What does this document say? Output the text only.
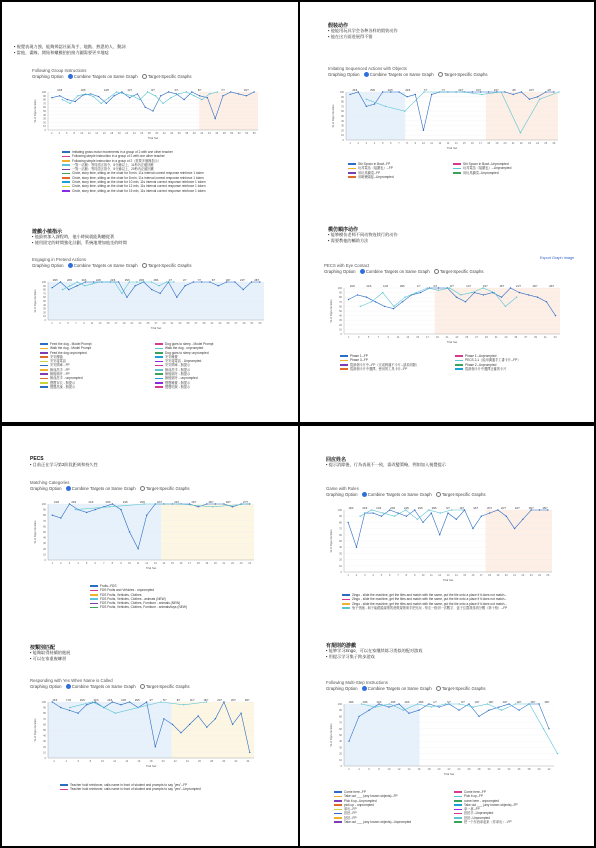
▪ 視覺表現力強，能夠辨認社區角手、地點、熟悉的人、動詞
▪ 當他、畫線，開始和蠟模拍拍接力圖需要更多地唸
Following Group Instructions
Graphing Option Combine Targets on Same Graph Target-Specific Graphs
0
10
20
30
40
50
60
70
80
90
100
2 4 6 8 10 12 14 16 18 20 22 24 26 28 30 32 34 36 38 40 42 44 46 48 50 52 54 56
Trial Set
% of Opportunities
16/8	14/8	13/8	11/7	8/7	6/7	8/7	7/7	16/7
Imitating gross motor movements in a group of 2 with one other teacher
Following simple instruction in a group of 2 with one other teacher
Following simple instruction in a group of 2（需要多個操指示）
一對一活動：等待語言指令，5分鐘以上，11秒內正確回應
一對一活動：等待語言指令，5分鐘以上，20秒內正確回應
Circle, story time, sitting on the chair for 5 min, 11s interval correct response reinforce 1 token
Circle, story time, sitting on the chair for 8 min, 11s interval correct response reinforce 1 token
Circle, story time, sitting on the chair for 10 min, 11s interval correct response reinforce 1 token
Circle, story time, sitting on the chair for 12 min, 11s interval correct response reinforce 1 token
Circle, story time, sitting on the chair for 15 min, 11s interval correct response reinforce 1 token
遊戲小植指示
▪ 他最初加入課程時，他小時候就能夠聽從著
▪ 使用固定的時間強化計劃，系統地增加他坐的時間
Engaging in Pretend Actions
Graphing Option Combine Targets on Same Graph Target-Specific Graphs
0
10
20
30
40
50
60
70
80
90
100
1	3	5	7	9 11 13 15 17 19 21 23 25 27 29 31 33 35 37 39 41 43 45 47 49 51 53
Trial Set
% of Opportunities
28/6	28/6	21/6	22/6	24/6	25/6	26/6	28/6	2/7	2/7	7/7	8/7	19/7	23/7	28/7
Feed the dog - Model Prompt	Dog goes to sleep - Model Prompt
Walk the dog - Model Prompt	Walk the dog - unprompted
Feed the dog unprompted	Dog goes to sleep unprompted
安安餵貓	安安睡覺
安安接電話	安安接電話 - Unprompted
安安開車 - FP	安安開車 - 無提示
飯前洗手 - FP	飯前洗手 - 無提示
飯後刷牙 - FP	飯後刷牙 - 無提示
飯前洗手 - unprompted	飯後刷牙 - unprompted
寶寶穿衣 - 無提示	寶寶睡覺 - 無提示
寶寶洗澡 - 無提示	寶寶吃飯 - 無提示
假装动作
▪ 他能用玩具学会各种各样的假装动作
▪ 他在这方面进展得不错
Imitating Sequenced Actions with Objects
Graphing Option Combine Targets on Same Graph Target-Specific Graphs
0
10
20
30
40
50
60
70
80
90
100
1	2	3	4	5	6	7	8	9 10 11 12 13 14 15 16 17 18 19 20 21 22 23 24 25 26
Trial Set
% of Opportunities
20/6	25/6	22/6	20/6	7/7	7/7	22/7	16/7	13/7	4/8	22/7	4/8
Stir Spoon in Bowl--FP	Stir Spoon in Bowl--Unprompted
玩具電話（接聽也）--FP	玩具電話（接聽也）--Unprompted
用玩具鍋菜--FP	用玩具鍋菜--Unprompted
用刷梳頭髮--Unprompted
模仿順序动作
▪ 能够模仿老师不同动物连续行的动作
▪ 需要教他的輔助方法
Export Graph Image
PECS with Eye Contact
Graphing Option Combine Targets on Same Graph Target-Specific Graphs
0
10
20
30
40
50
60
70
80
90
100
1	3	5	7	9	11	13	15	17	19	21	23	25	27	29	31	33	35	37	39	41	43
Trial Set
% of Opportunities
20/6	21/6	12/6	18/6	1/7	6/7	8/7	11/7	13/7	15/7	21/7	26/7	28/7
Phase 1--FP	Phase 1--Unprompted
Phase 3--FP	PECS 2-1（能用溝通手工書卡片--FP）
從兩個卡片中--FP（完成辨識不卡片--請求兩類）	Phase 2--Unprompted
從兩個卡片中選擇，使用的工具卡片--FP	從兩個卡片中選擇正確的卡片
PECS
▪ 目前正在学习第2阶段距离和持久性
Matching Categories
Graphing Option Combine Targets on Same Graph Target-Specific Graphs
0
10
20
30
40
50
60
70
80
90
100
1	2	3	4	5	6	7	8	9 10 11 12 13 14 15 16 17 18 19 20 21 22 23 24
Trial Set
% of Opportunities
19/6	20/6	21/6	23/6	24/6	26/6	18/7	22/7	23/7	26/7	28/7	27/7
Fruits--FDS
FDS Fruits and Vehicles - unprompted
FDS Fruits, Vehicles, Clothes
FDS Fruits, Vehicles, Clothes - animals (NEW)
FDS Fruits, Vehicles, Clothes, Furniture - animals (NEW)
FDS Fruits, Vehicles, Clothes, Furniture - animals/toys (NEW)
按類別匹配
▪ 能夠取得持續的進展
▪ 可以在家重複練習
Responding with Yes When Name is Called
Graphing Option Combine Targets on Same Graph Target-Specific Graphs
0
10
20
30
40
50
60
70
80
90
100
2	4	6	8	10	12	14	16	18	20	22	24	26	28	30	32	34
Trial Set
% of Opportunities
16/6	17/6	20/6	21/6	22/6	24/6	25/6	4/7	5/7	8/7	11/7	18/7	22/7	26/7	28/7
Teacher hold reinforcer, calls name in front of student and prompts to say "yes"--FP
Teacher hold reinforcer, calls name in front of student and prompts to say "yes"--Unprompted
回应姓名
▪ 提示消除後，行為表現不一致，需改變策略，例如加入視覺提示
Game with Rules
Graphing Option Combine Targets on Same Graph Target-Specific Graphs
0
10
20
30
40
50
60
70
80
90
100
1	2	3	4	5	6	7	8	9 10 11 12 13 14 15 16 17 18 19 20 21 22 23 24 25
Trial Set
% of Opportunities
19/6	20/6	21/6	23/6	24/6	26/6	28/6	5/7	13/7	18/7	20/7	22/7	23/7	26/7	28/7
Zingo - slide the machine, get the tiles and match with the same, put the tile onto a place if it does not match--
Zingo - slide the machine, get the tiles and match with the same, put the tile onto a place if it does not match--
Zingo - slide the machine, get the tiles and match with the same, put the tile onto a place if it does not match--
兔子快跑 - 和子能跟隨規則的遊戲規則來手把兒玩 - 每走一格到一次數字、盒子位置我得到分數（第十格）--FP
有規則的游戲
▪ 能够学习zingo，可以在家继续练习类似的配对游戏
▪ 用提示学习集子跨步游戏
Following Multi-Step Instructions
Graphing Option Combine Targets on Same Graph Target-Specific Graphs
0
10
20
30
40
50
60
70
80
90
100
2	4	6	8	10	12	14	16	18	20	22	24	26	28	30	32	34	36	38	40	42
Trial Set
% of Opportunities
19/6	20/6	21/6	23/6	24/6	26/6	1/7	5/7	9/7	13/7	18/7	20/7	22/7	26/7	28/7
Come here--FP	Come here--FP
Take out ___ (any known objects)--FP	Pick it up--FP
Pick it up--Unprompted	come here - unprompted
pick up - unprompted	Take out ___ (any known objects)--FP
拿出--FP	拿一拿--FP
拍拍--FP	拍拍手--Unprompted
拍拍--FP	拍拍--Unprompted
Take out ___ (any known objects)--Unprompted	把一个东西拿起来（你拿出）--FP
